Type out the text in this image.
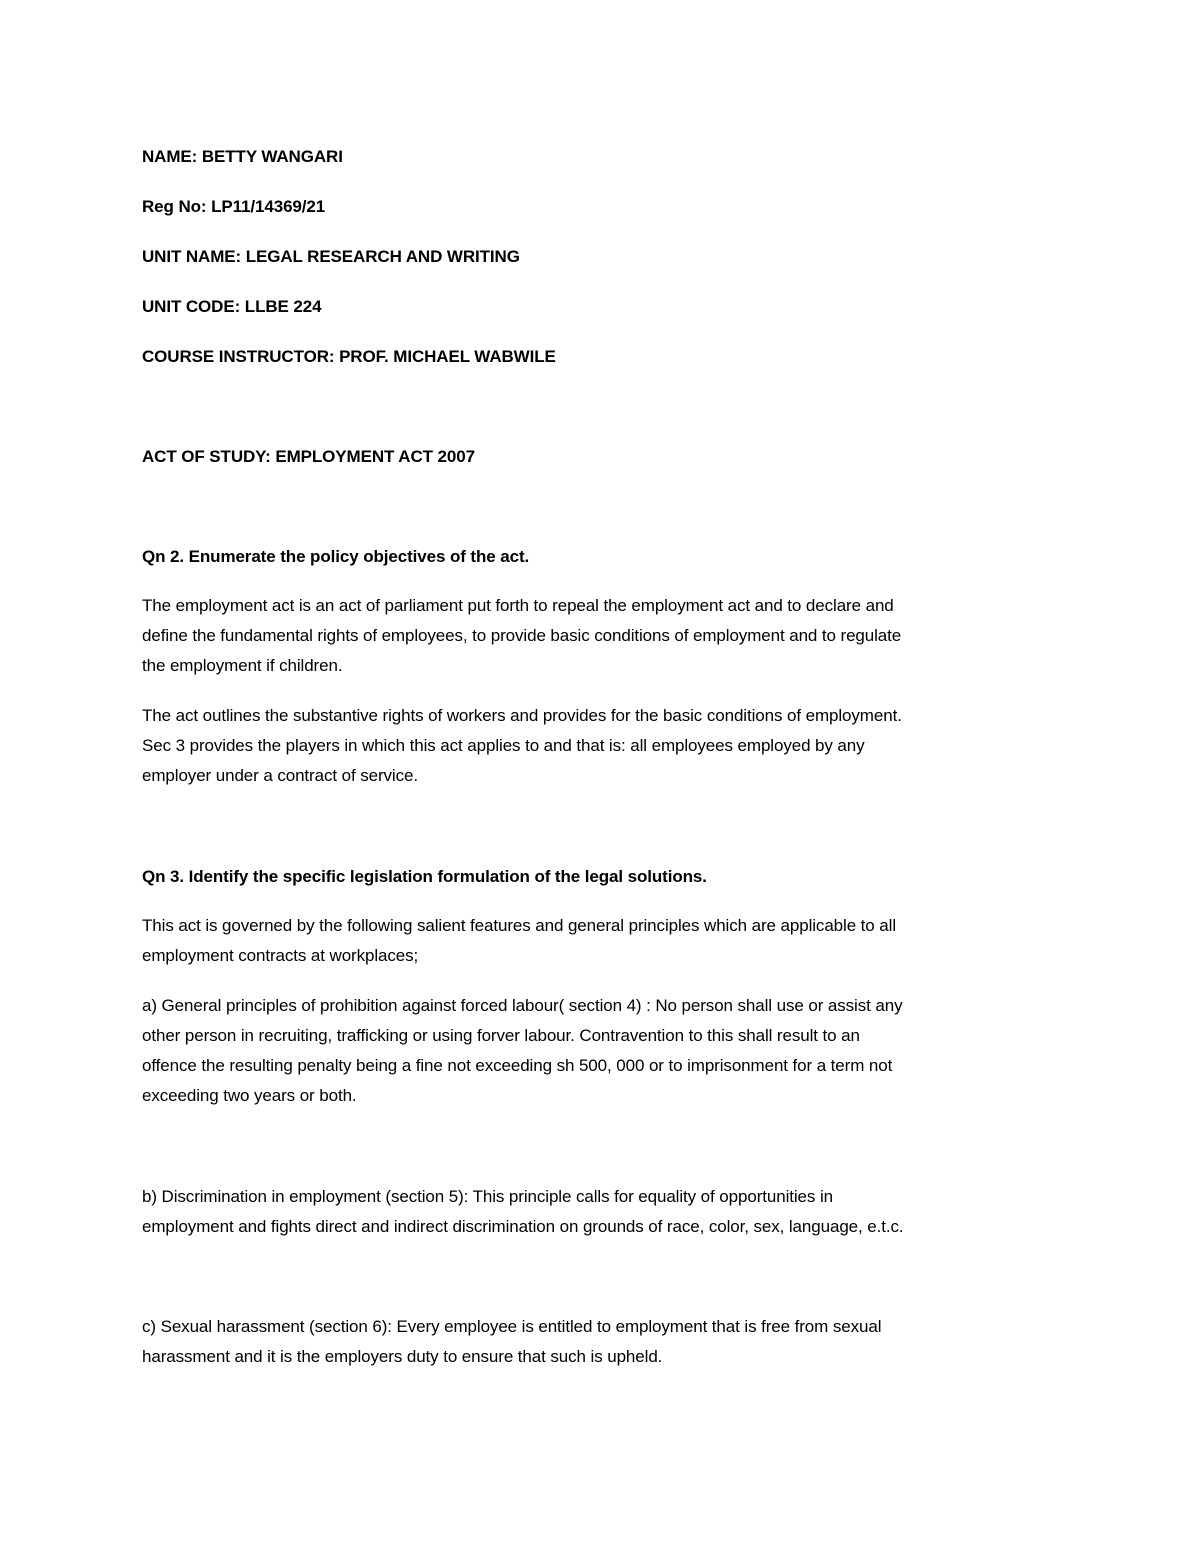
NAME: BETTY WANGARI
Reg No: LP11/14369/21
UNIT NAME: LEGAL RESEARCH AND WRITING
UNIT CODE: LLBE 224
COURSE INSTRUCTOR: PROF. MICHAEL WABWILE
ACT OF STUDY: EMPLOYMENT ACT 2007
Qn 2. Enumerate the policy objectives of the act.
The employment act is an act of parliament put forth to repeal the employment act and to declare and
define the fundamental rights of employees, to provide basic conditions of employment and to regulate
the employment if children.
The act outlines the substantive rights of workers and provides for the basic conditions of employment.
Sec 3 provides the players in which this act applies to and that is: all employees employed by any
employer under a contract of service.
Qn 3. Identify the specific legislation formulation of the legal solutions.
This act is governed by the following salient features and general principles which are applicable to all
employment contracts at workplaces;
a) General principles of prohibition against forced labour( section 4) : No person shall use or assist any
other person in recruiting, trafficking or using forver labour. Contravention to this shall result to an
offence the resulting penalty being a fine not exceeding sh 500, 000 or to imprisonment for a term not
exceeding two years or both.
b) Discrimination in employment (section 5): This principle calls for equality of opportunities in
employment and fights direct and indirect discrimination on grounds of race, color, sex, language, e.t.c.
c) Sexual harassment (section 6): Every employee is entitled to employment that is free from sexual
harassment and it is the employers duty to ensure that such is upheld.
